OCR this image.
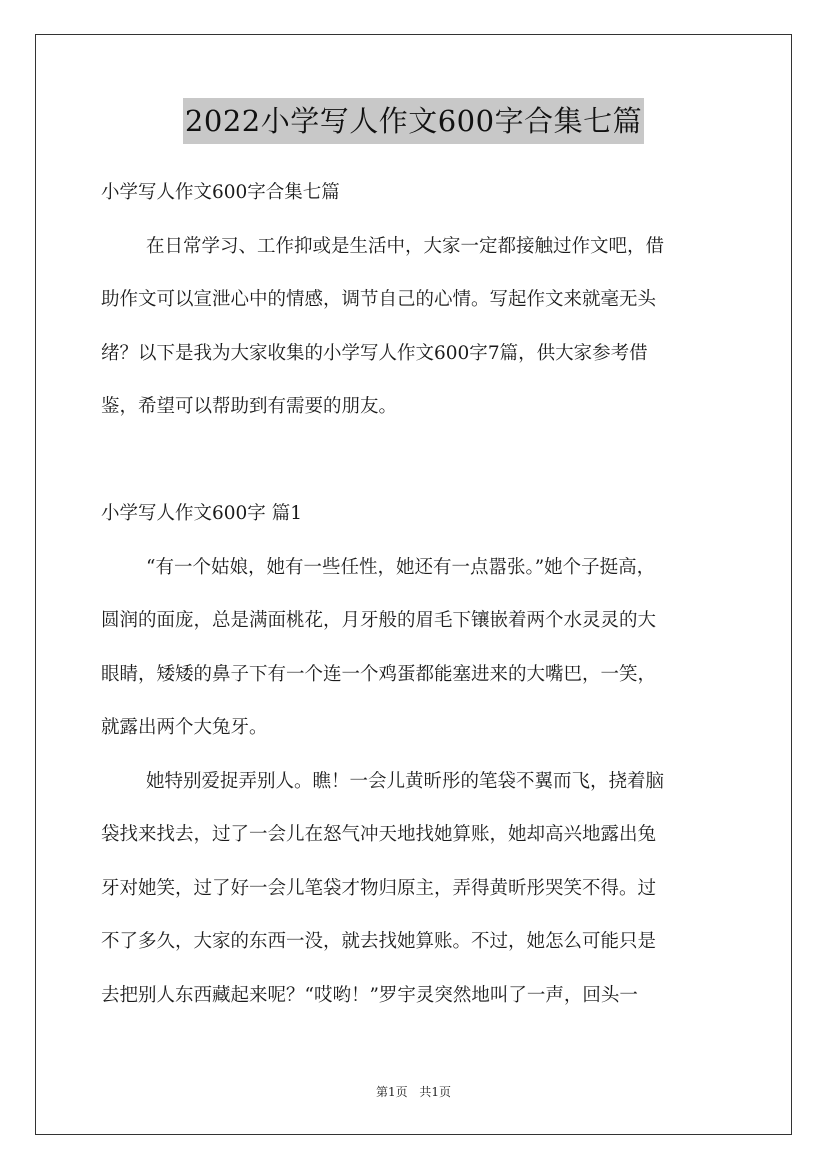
2022小学写人作文600字合集七篇
小学写人作文600字合集七篇
在日常学习、工作抑或是生活中，大家一定都接触过作文吧，借
助作文可以宣泄心中的情感，调节自己的心情。写起作文来就毫无头
绪？以下是我为大家收集的小学写人作文600字7篇，供大家参考借
鉴，希望可以帮助到有需要的朋友。
小学写人作文600字 篇1
“有一个姑娘，她有一些任性，她还有一点嚣张。”她个子挺高，
圆润的面庞，总是满面桃花，月牙般的眉毛下镶嵌着两个水灵灵的大
眼睛，矮矮的鼻子下有一个连一个鸡蛋都能塞进来的大嘴巴，一笑，
就露出两个大兔牙。
她特别爱捉弄别人。瞧！一会儿黄昕彤的笔袋不翼而飞，挠着脑
袋找来找去，过了一会儿在怒气冲天地找她算账，她却高兴地露出兔
牙对她笑，过了好一会儿笔袋才物归原主，弄得黄昕彤哭笑不得。过
不了多久，大家的东西一没，就去找她算账。不过，她怎么可能只是
去把别人东西藏起来呢？“哎哟！”罗宇灵突然地叫了一声，回头一
第1页 共1页
